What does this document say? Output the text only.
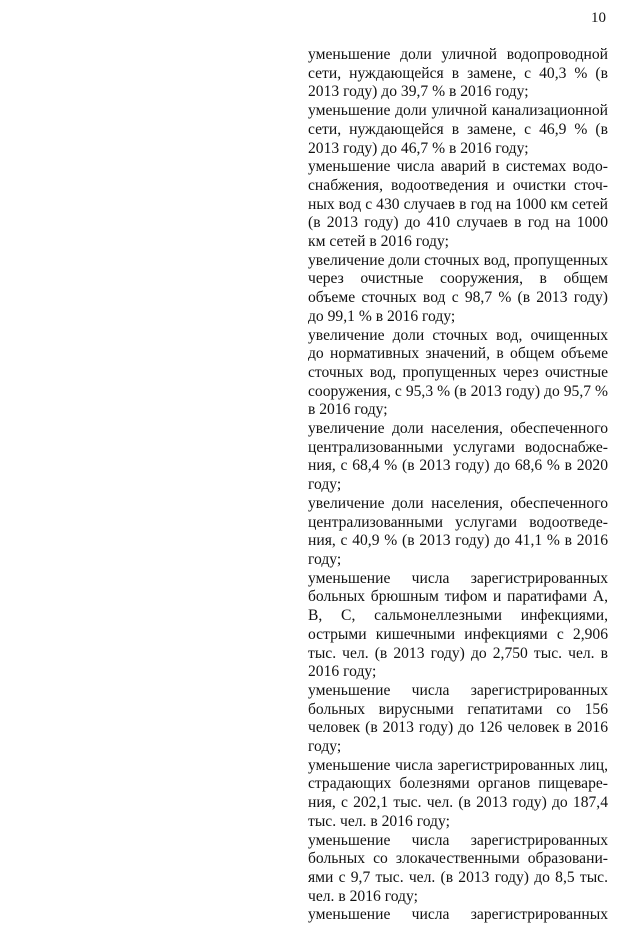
10

уменьшение доли уличной водопроводной сети, нуждающейся в замене, с 40,3 % (в 2013 году) до 39,7 % в 2016 году;

уменьшение доли уличной канализационной сети, нуждающейся в замене, с 46,9 % (в 2013 году) до 46,7 % в 2016 году;

уменьшение числа аварий в системах водоснабжения, водоотведения и очистки сточных вод с 430 случаев в год на 1000 км сетей (в 2013 году) до 410 случаев в год на 1000 км сетей в 2016 году;

увеличение доли сточных вод, пропущенных через очистные сооружения, в общем объеме сточных вод с 98,7 % (в 2013 году) до 99,1 % в 2016 году;

увеличение доли сточных вод, очищенных до нормативных значений, в общем объеме сточных вод, пропущенных через очистные сооружения, с 95,3 % (в 2013 году) до 95,7 % в 2016 году;

увеличение доли населения, обеспеченного централизованными услугами водоснабжения, с 68,4 % (в 2013 году) до 68,6 % в 2020 году;

увеличение доли населения, обеспеченного централизованными услугами водоотведения, с 40,9 % (в 2013 году) до 41,1 % в 2016 году;

уменьшение числа зарегистрированных больных брюшным тифом и паратифами А, В, С, сальмонеллезными инфекциями, острыми кишечными инфекциями с 2,906 тыс. чел. (в 2013 году) до 2,750 тыс. чел. в 2016 году;

уменьшение числа зарегистрированных больных вирусными гепатитами со 156 человек (в 2013 году) до 126 человек в 2016 году;

уменьшение числа зарегистрированных лиц, страдающих болезнями органов пищеварения, с 202,1 тыс. чел. (в 2013 году) до 187,4 тыс. чел. в 2016 году;

уменьшение числа зарегистрированных больных со злокачественными образованиями с 9,7 тыс. чел. (в 2013 году) до 8,5 тыс. чел. в 2016 году;

уменьшение числа зарегистрированных
